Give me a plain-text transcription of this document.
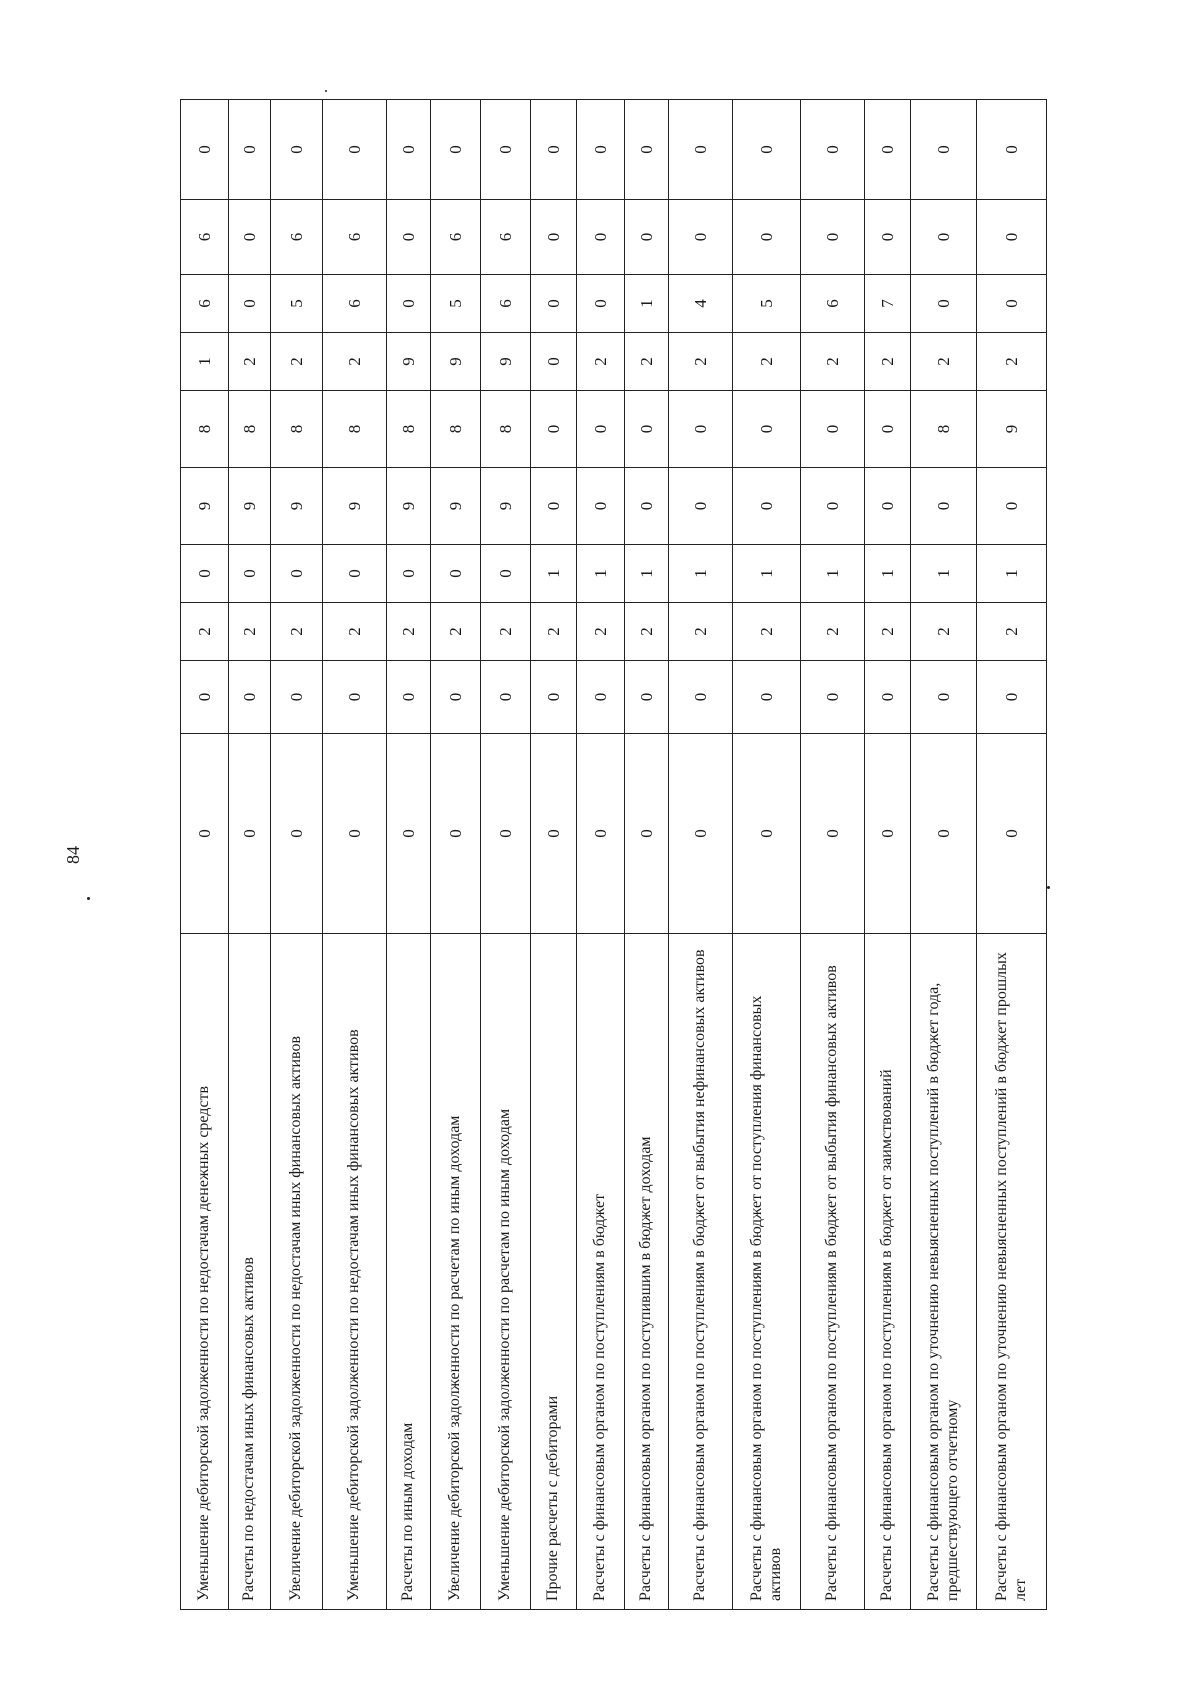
84
Уменьшение дебиторской задолженности по недостачам денежных средств	0	0	2	0	9	8	1	6	6	0
Расчеты по недостачам иных финансовых активов	0	0	2	0	9	8	2	0	0	0
Увеличение дебиторской задолженности по недостачам иных финансовых активов	0	0	2	0	9	8	2	5	6	0
Уменьшение дебиторской задолженности по недостачам иных финансовых активов	0	0	2	0	9	8	2	6	6	0
Расчеты по иным доходам	0	0	2	0	9	8	9	0	0	0
Увеличение дебиторской задолженности по расчетам по иным доходам	0	0	2	0	9	8	9	5	6	0
Уменьшение дебиторской задолженности по расчетам по иным доходам	0	0	2	0	9	8	9	6	6	0
Прочие расчеты с дебиторами	0	0	2	1	0	0	0	0	0	0
Расчеты с финансовым органом по поступлениям в бюджет	0	0	2	1	0	0	2	0	0	0
Расчеты с финансовым органом по поступившим в бюджет доходам	0	0	2	1	0	0	2	1	0	0
Расчеты с финансовым органом по поступлениям в бюджет от выбытия нефинансовых активов	0	0	2	1	0	0	2	4	0	0
Расчеты с финансовым органом по поступлениям в бюджет от поступления финансовых активов	0	0	2	1	0	0	2	5	0	0
Расчеты с финансовым органом по поступлениям в бюджет от выбытия финансовых активов	0	0	2	1	0	0	2	6	0	0
Расчеты с финансовым органом по поступлениям в бюджет от заимствований	0	0	2	1	0	0	2	7	0	0
Расчеты с финансовым органом по уточнению невыясненных поступлений в бюджет года, предшествующего отчетному	0	0	2	1	0	8	2	0	0	0
Расчеты с финансовым органом по уточнению невыясненных поступлений в бюджет прошлых лет	0	0	2	1	0	9	2	0	0	0
